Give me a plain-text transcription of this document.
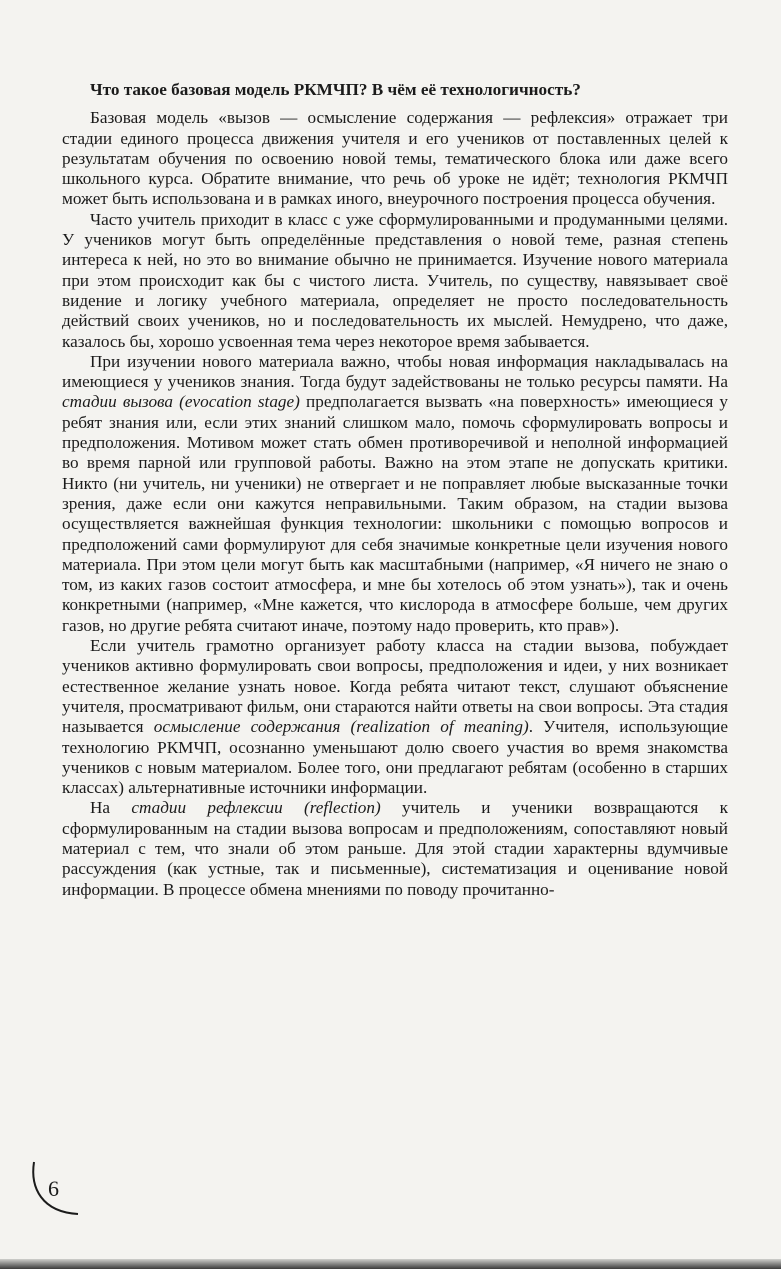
Что такое базовая модель РКМЧП? В чём её технологичность?

Базовая модель «вызов — осмысление содержания — рефлексия» отражает три стадии единого процесса движения учителя и его учеников от поставленных целей к результатам обучения по освоению новой темы, тематического блока или даже всего школьного курса. Обратите внимание, что речь об уроке не идёт; технология РКМЧП может быть использована и в рамках иного, внеурочного построения процесса обучения.

Часто учитель приходит в класс с уже сформулированными и продуманными целями. У учеников могут быть определённые представления о новой теме, разная степень интереса к ней, но это во внимание обычно не принимается. Изучение нового материала при этом происходит как бы с чистого листа. Учитель, по существу, навязывает своё видение и логику учебного материала, определяет не просто последовательность действий своих учеников, но и последовательность их мыслей. Немудрено, что даже, казалось бы, хорошо усвоенная тема через некоторое время забывается.

При изучении нового материала важно, чтобы новая информация накладывалась на имеющиеся у учеников знания. Тогда будут задействованы не только ресурсы памяти. На стадии вызова (evocation stage) предполагается вызвать «на поверхность» имеющиеся у ребят знания или, если этих знаний слишком мало, помочь сформулировать вопросы и предположения. Мотивом может стать обмен противоречивой и неполной информацией во время парной или групповой работы. Важно на этом этапе не допускать критики. Никто (ни учитель, ни ученики) не отвергает и не поправляет любые высказанные точки зрения, даже если они кажутся неправильными. Таким образом, на стадии вызова осуществляется важнейшая функция технологии: школьники с помощью вопросов и предположений сами формулируют для себя значимые конкретные цели изучения нового материала. При этом цели могут быть как масштабными (например, «Я ничего не знаю о том, из каких газов состоит атмосфера, и мне бы хотелось об этом узнать»), так и очень конкретными (например, «Мне кажется, что кислорода в атмосфере больше, чем других газов, но другие ребята считают иначе, поэтому надо проверить, кто прав»).

Если учитель грамотно организует работу класса на стадии вызова, побуждает учеников активно формулировать свои вопросы, предположения и идеи, у них возникает естественное желание узнать новое. Когда ребята читают текст, слушают объяснение учителя, просматривают фильм, они стараются найти ответы на свои вопросы. Эта стадия называется осмысление содержания (realization of meaning). Учителя, использующие технологию РКМЧП, осознанно уменьшают долю своего участия во время знакомства учеников с новым материалом. Более того, они предлагают ребятам (особенно в старших классах) альтернативные источники информации.

На стадии рефлексии (reflection) учитель и ученики возвращаются к сформулированным на стадии вызова вопросам и предположениям, сопоставляют новый материал с тем, что знали об этом раньше. Для этой стадии характерны вдумчивые рассуждения (как устные, так и письменные), систематизация и оценивание новой информации. В процессе обмена мнениями по поводу прочитанно-

6
